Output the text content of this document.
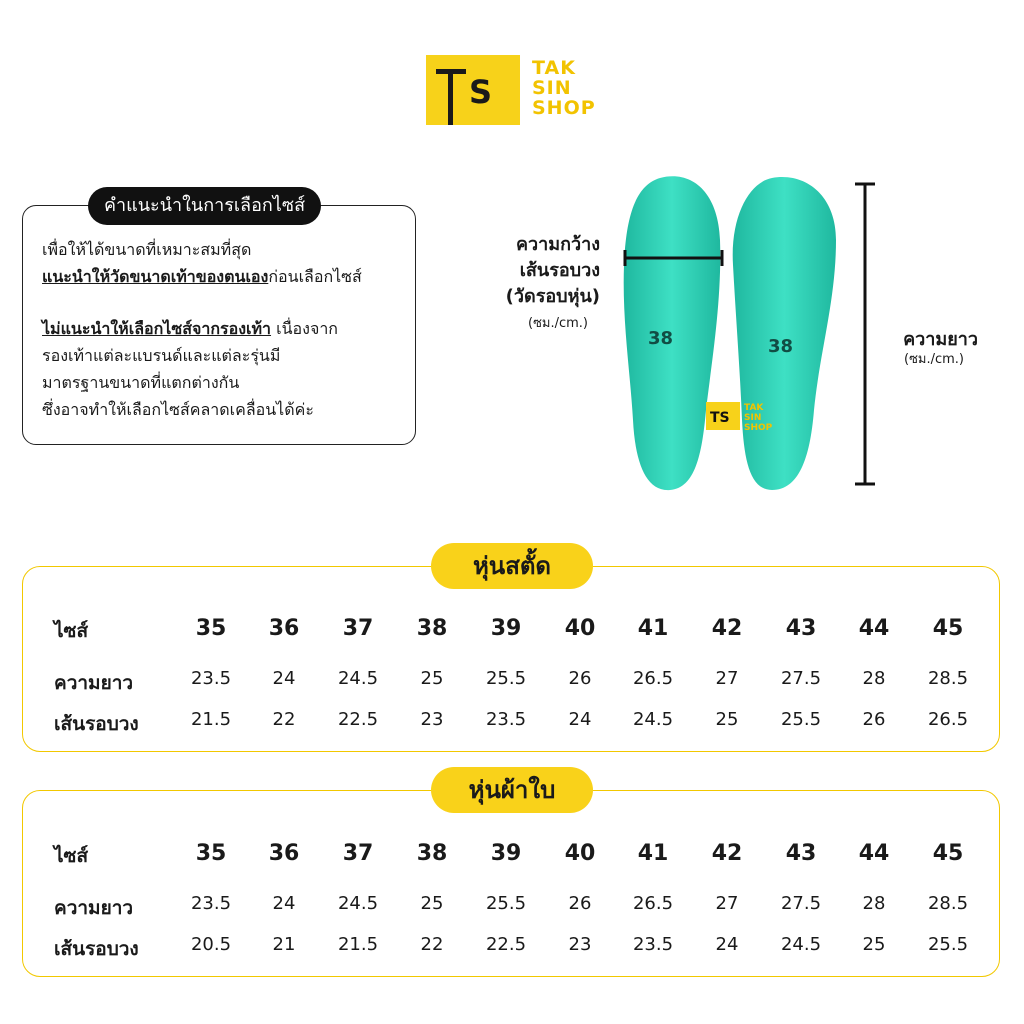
S
TAK
SIN
SHOP
คำแนะนำในการเลือกไซส์
เพื่อให้ได้ขนาดที่เหมาะสมที่สุด
แนะนำให้วัดขนาดเท้าของตนเองก่อนเลือกไซส์
ไม่แนะนำให้เลือกไซส์จากรองเท้า เนื่องจาก
รองเท้าแต่ละแบรนด์และแต่ละรุ่นมี
มาตรฐานขนาดที่แตกต่างกัน
ซึ่งอาจทำให้เลือกไซส์คลาดเคลื่อนได้ค่ะ
38	38
TS
TAK
SIN
SHOP
ความกว้าง
เส้นรอบวง
(วัดรอบหุ่น)
(ซม./cm.)
ความยาว
(ซม./cm.)
หุ่นสตั้ด
ไซส์	35	36	37	38	39	40	41	42	43	44	45
ความยาว	23.5	24	24.5	25	25.5	26	26.5	27	27.5	28	28.5
เส้นรอบวง	21.5	22	22.5	23	23.5	24	24.5	25	25.5	26	26.5
หุ่นผ้าใบ
ไซส์	35	36	37	38	39	40	41	42	43	44	45
ความยาว	23.5	24	24.5	25	25.5	26	26.5	27	27.5	28	28.5
เส้นรอบวง	20.5	21	21.5	22	22.5	23	23.5	24	24.5	25	25.5
